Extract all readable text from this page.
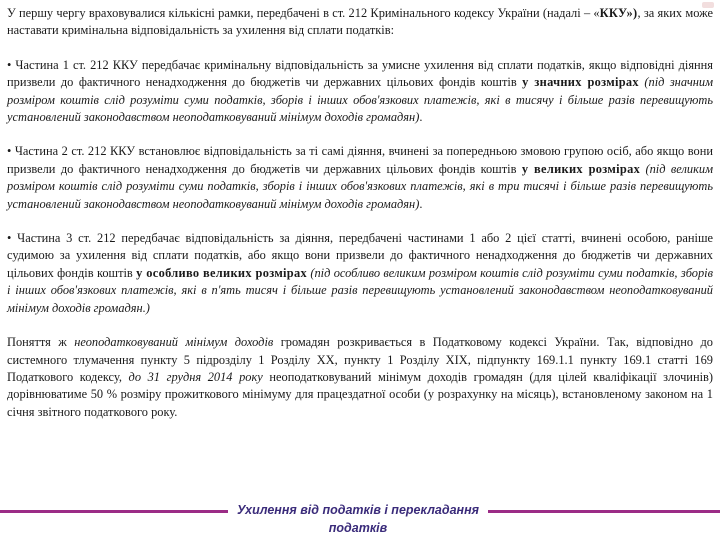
У першу чергу враховувалися кількісні рамки, передбачені в ст. 212 Кримінального кодексу України (надалі – «ККУ»), за яких може наставати кримінальна відповідальність за ухилення від сплати податків:

• Частина 1 ст. 212 ККУ передбачає кримінальну відповідальність за умисне ухилення від сплати податків, якщо відповідні діяння призвели до фактичного ненадходження до бюджетів чи державних цільових фондів коштів у значних розмірах (під значним розміром коштів слід розуміти суми податків, зборів і інших обов'язкових платежів, які в тисячу і більше разів перевищують установлений законодавством неоподатковуваний мінімум доходів громадян).

• Частина 2 ст. 212 ККУ встановлює відповідальність за ті самі діяння, вчинені за попередньою змовою групою осіб, або якщо вони призвели до фактичного ненадходження до бюджетів чи державних цільових фондів коштів у великих розмірах (під великим розміром коштів слід розуміти суми податків, зборів і інших обов'язкових платежів, які в три тисячі і більше разів перевищують установлений законодавством неоподатковуваний мінімум доходів громадян).

• Частина 3 ст. 212 передбачає відповідальність за діяння, передбачені частинами 1 або 2 цієї статті, вчинені особою, раніше судимою за ухилення від сплати податків, або якщо вони призвели до фактичного ненадходження до бюджетів чи державних цільових фондів коштів у особливо великих розмірах (під особливо великим розміром коштів слід розуміти суми податків, зборів і інших обов'язкових платежів, які в п'ять тисяч і більше разів перевищують установлений законодавством неоподатковуваний мінімум доходів громадян.)

Поняття ж неоподатковуваний мінімум доходів громадян розкривається в Податковому кодексі України. Так, відповідно до системного тлумачення пункту 5 підрозділу 1 Розділу XX, пункту 1 Розділу XIX, підпункту 169.1.1 пункту 169.1 статті 169 Податкового кодексу, до 31 грудня 2014 року неоподатковуваний мінімум доходів громадян (для цілей кваліфікації злочинів) дорівнюватиме 50 % розміру прожиткового мінімуму для працездатної особи (у розрахунку на місяць), встановленому законом на 1 січня звітного податкового року.

Ухилення від податків і перекладання податків
